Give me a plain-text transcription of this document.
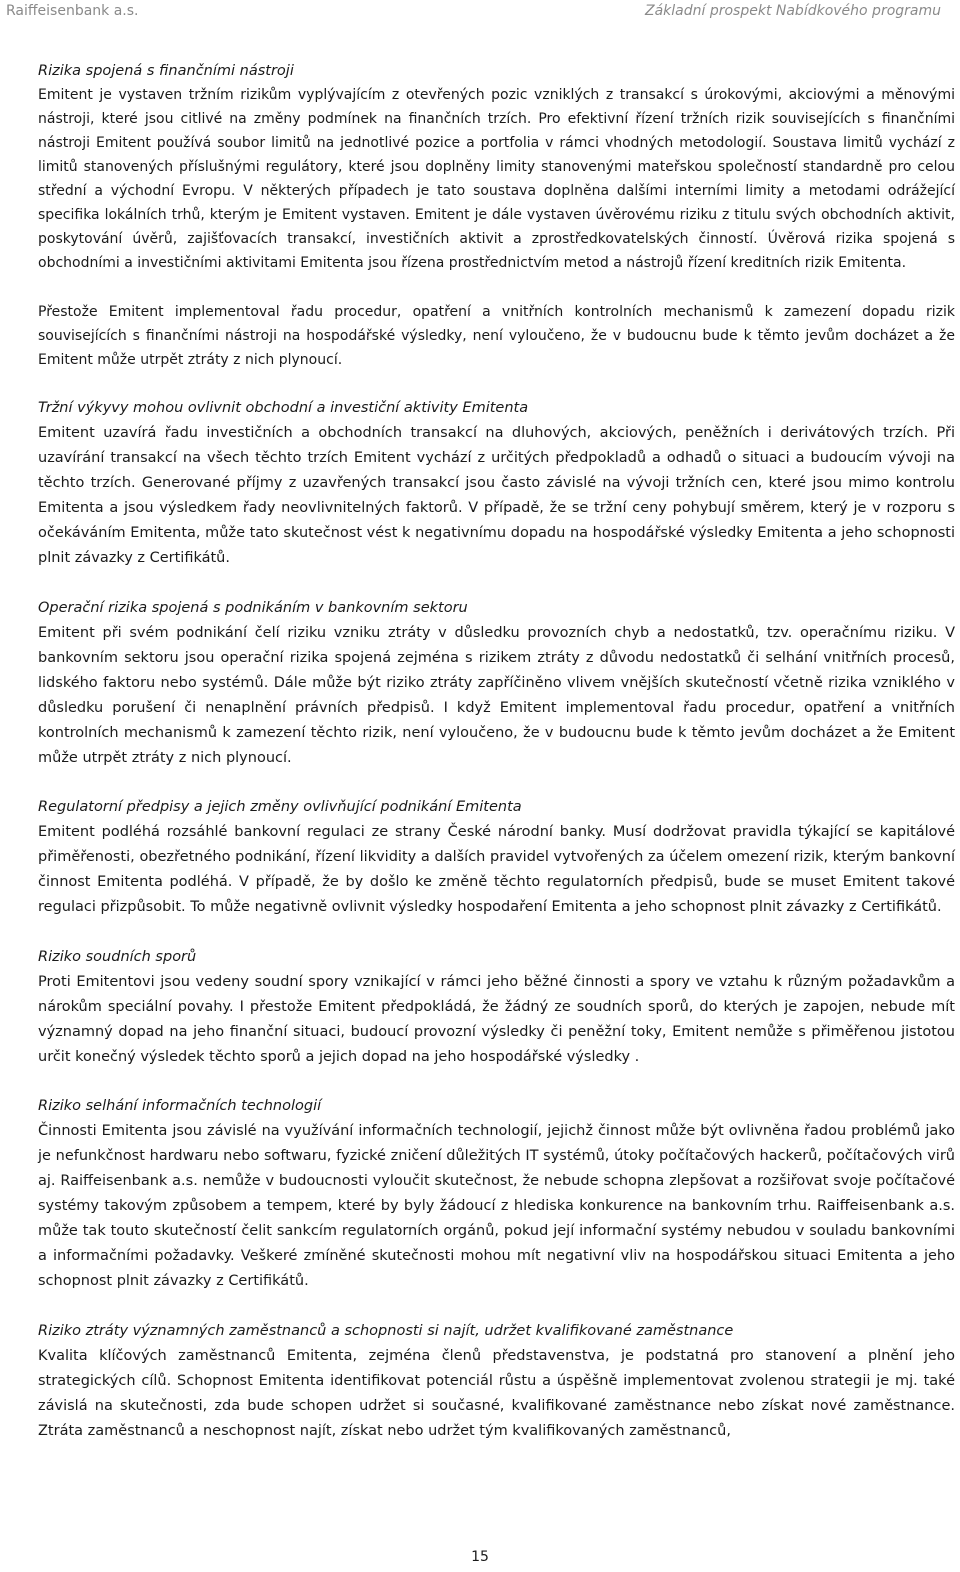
Raiffeisenbank a.s.	Základní prospekt Nabídkového programu
Rizika spojená s finančními nástroji

Emitent je vystaven tržním rizikům vyplývajícím z otevřených pozic vzniklých z transakcí s úrokovými, akciovými a měnovými nástroji, které jsou citlivé na změny podmínek na finančních trzích. Pro efektivní řízení tržních rizik souvisejících s finančními nástroji Emitent používá soubor limitů na jednotlivé pozice a portfolia v rámci vhodných metodologií. Soustava limitů vychází z limitů stanovených příslušnými regulátory, které jsou doplněny limity stanovenými mateřskou společností standardně pro celou střední a východní Evropu. V některých případech je tato soustava doplněna dalšími interními limity a metodami odrážející specifika lokálních trhů, kterým je Emitent vystaven. Emitent je dále vystaven úvěrovému riziku z titulu svých obchodních aktivit, poskytování úvěrů, zajišťovacích transakcí, investičních aktivit a zprostředkovatelských činností. Úvěrová rizika spojená s obchodními a investičními aktivitami Emitenta jsou řízena prostřednictvím metod a nástrojů řízení kreditních rizik Emitenta.

Přestože Emitent implementoval řadu procedur, opatření a vnitřních kontrolních mechanismů k zamezení dopadu rizik souvisejících s finančními nástroji na hospodářské výsledky, není vyloučeno, že v budoucnu bude k těmto jevům docházet a že Emitent může utrpět ztráty z nich plynoucí.

Tržní výkyvy mohou ovlivnit obchodní a investiční aktivity Emitenta

Emitent uzavírá řadu investičních a obchodních transakcí na dluhových, akciových, peněžních i derivátových trzích. Při uzavírání transakcí na všech těchto trzích Emitent vychází z určitých předpokladů a odhadů o situaci a budoucím vývoji na těchto trzích. Generované příjmy z uzavřených transakcí jsou často závislé na vývoji tržních cen, které jsou mimo kontrolu Emitenta a jsou výsledkem řady neovlivnitelných faktorů. V případě, že se tržní ceny pohybují směrem, který je v rozporu s očekáváním Emitenta, může tato skutečnost vést k negativnímu dopadu na hospodářské výsledky Emitenta a jeho schopnosti plnit závazky z Certifikátů.

Operační rizika spojená s podnikáním v bankovním sektoru

Emitent při svém podnikání čelí riziku vzniku ztráty v důsledku provozních chyb a nedostatků, tzv. operačnímu riziku. V bankovním sektoru jsou operační rizika spojená zejména s rizikem ztráty z důvodu nedostatků či selhání vnitřních procesů, lidského faktoru nebo systémů. Dále může být riziko ztráty zapříčiněno vlivem vnějších skutečností včetně rizika vzniklého v důsledku porušení či nenaplnění právních předpisů. I když Emitent implementoval řadu procedur, opatření a vnitřních kontrolních mechanismů k zamezení těchto rizik, není vyloučeno, že v budoucnu bude k těmto jevům docházet a že Emitent může utrpět ztráty z nich plynoucí.

Regulatorní předpisy a jejich změny ovlivňující podnikání Emitenta

Emitent podléhá rozsáhlé bankovní regulaci ze strany České národní banky. Musí dodržovat pravidla týkající se kapitálové přiměřenosti, obezřetného podnikání, řízení likvidity a dalších pravidel vytvořených za účelem omezení rizik, kterým bankovní činnost Emitenta podléhá. V případě, že by došlo ke změně těchto regulatorních předpisů, bude se muset Emitent takové regulaci přizpůsobit. To může negativně ovlivnit výsledky hospodaření Emitenta a jeho schopnost plnit závazky z Certifikátů.

Riziko soudních sporů

Proti Emitentovi jsou vedeny soudní spory vznikající v rámci jeho běžné činnosti a spory ve vztahu k různým požadavkům a nárokům speciální povahy. I přestože Emitent předpokládá, že žádný ze soudních sporů, do kterých je zapojen, nebude mít významný dopad na jeho finanční situaci, budoucí provozní výsledky či peněžní toky, Emitent nemůže s přiměřenou jistotou určit konečný výsledek těchto sporů a jejich dopad na jeho hospodářské výsledky .

Riziko selhání informačních technologií

Činnosti Emitenta jsou závislé na využívání informačních technologií, jejichž činnost může být ovlivněna řadou problémů jako je nefunkčnost hardwaru nebo softwaru, fyzické zničení důležitých IT systémů, útoky počítačových hackerů, počítačových virů aj. Raiffeisenbank a.s. nemůže v budoucnosti vyloučit skutečnost, že nebude schopna zlepšovat a rozšiřovat svoje počítačové systémy takovým způsobem a tempem, které by byly žádoucí z hlediska konkurence na bankovním trhu. Raiffeisenbank a.s. může tak touto skutečností čelit sankcím regulatorních orgánů, pokud její informační systémy nebudou v souladu bankovními a informačními požadavky. Veškeré zmíněné skutečnosti mohou mít negativní vliv na hospodářskou situaci Emitenta a jeho schopnost plnit závazky z Certifikátů.

Riziko ztráty významných zaměstnanců a schopnosti si najít, udržet kvalifikované zaměstnance

Kvalita klíčových zaměstnanců Emitenta, zejména členů představenstva, je podstatná pro stanovení a plnění jeho strategických cílů. Schopnost Emitenta identifikovat potenciál růstu a úspěšně implementovat zvolenou strategii je mj. také závislá na skutečnosti, zda bude schopen udržet si současné, kvalifikované zaměstnance nebo získat nové zaměstnance. Ztráta zaměstnanců a neschopnost najít, získat nebo udržet tým kvalifikovaných zaměstnanců,

15
